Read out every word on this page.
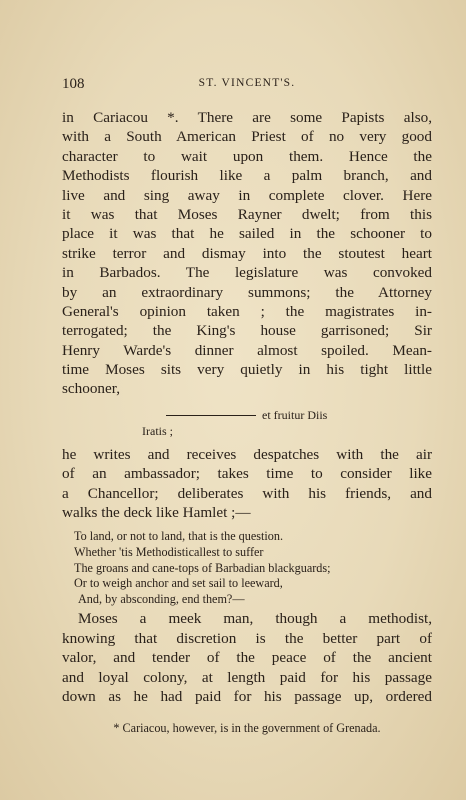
108	ST. VINCENT'S.
in Cariacou *. There are some Papists also,
with a South American Priest of no very good
character to wait upon them. Hence the
Methodists flourish like a palm branch, and
live and sing away in complete clover. Here
it was that Moses Rayner dwelt; from this
place it was that he sailed in the schooner to
strike terror and dismay into the stoutest heart
in Barbados. The legislature was convoked
by an extraordinary summons; the Attorney
General's opinion taken ; the magistrates in-
terrogated; the King's house garrisoned; Sir
Henry Warde's dinner almost spoiled. Mean-
time Moses sits very quietly in his tight little
schooner,
et fruitur Diis
Iratis ;
he writes and receives despatches with the air
of an ambassador; takes time to consider like
a Chancellor; deliberates with his friends, and
walks the deck like Hamlet ;—
To land, or not to land, that is the question.
Whether 'tis Methodisticallest to suffer
The groans and cane-tops of Barbadian blackguards;
Or to weigh anchor and set sail to leeward,
And, by absconding, end them?—
Moses a meek man, though a methodist,
knowing that discretion is the better part of
valor, and tender of the peace of the ancient
and loyal colony, at length paid for his passage
down as he had paid for his passage up, ordered
* Cariacou, however, is in the government of Grenada.
